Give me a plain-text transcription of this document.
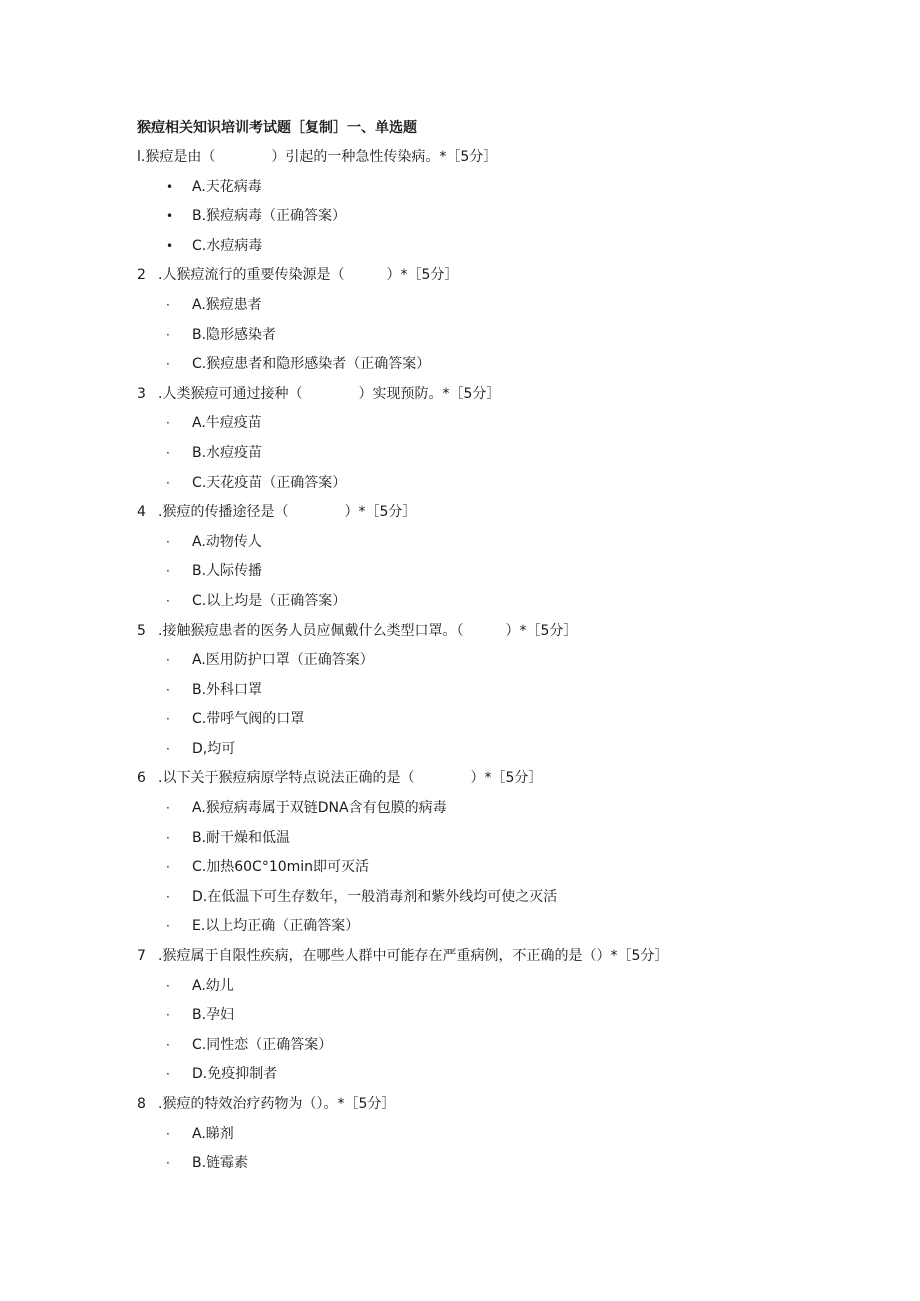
猴痘相关知识培训考试题［复制］一、单选题
l.猴痘是由（　　　　）引起的一种急性传染病。*［5分］
• A.天花病毒
• B.猴痘病毒（正确答案）
• C.水痘病毒
2 .人猴痘流行的重要传染源是（　　　）*［5分］
· A.猴痘患者
· B.隐形感染者
· C.猴痘患者和隐形感染者（正确答案）
3 .人类猴痘可通过接种（　　　　）实现预防。*［5分］
· A.牛痘疫苗
· B.水痘疫苗
· C.天花疫苗（正确答案）
4 .猴痘的传播途径是（　　　　）*［5分］
· A.动物传人
· B.人际传播
· C.以上均是（正确答案）
5 .接触猴痘患者的医务人员应佩戴什么类型口罩。（　　　）*［5分］
· A.医用防护口罩（正确答案）
· B.外科口罩
· C.带呼气阀的口罩
· D,均可
6 .以下关于猴痘病原学特点说法正确的是（　　　　）*［5分］
· A.猴痘病毒属于双链DNA含有包膜的病毒
· B.耐干燥和低温
· C.加热60C°10min即可灭活
· D.在低温下可生存数年，一般消毒剂和紫外线均可使之灭活
· E.以上均正确（正确答案）
7 .猴痘属于自限性疾病，在哪些人群中可能存在严重病例，不正确的是（）*［5分］
· A.幼儿
· B.孕妇
· C.同性恋（正确答案）
· D.免疫抑制者
8 .猴痘的特效治疗药物为（）。*［5分］
· A.睇剂
· B.链霉素
